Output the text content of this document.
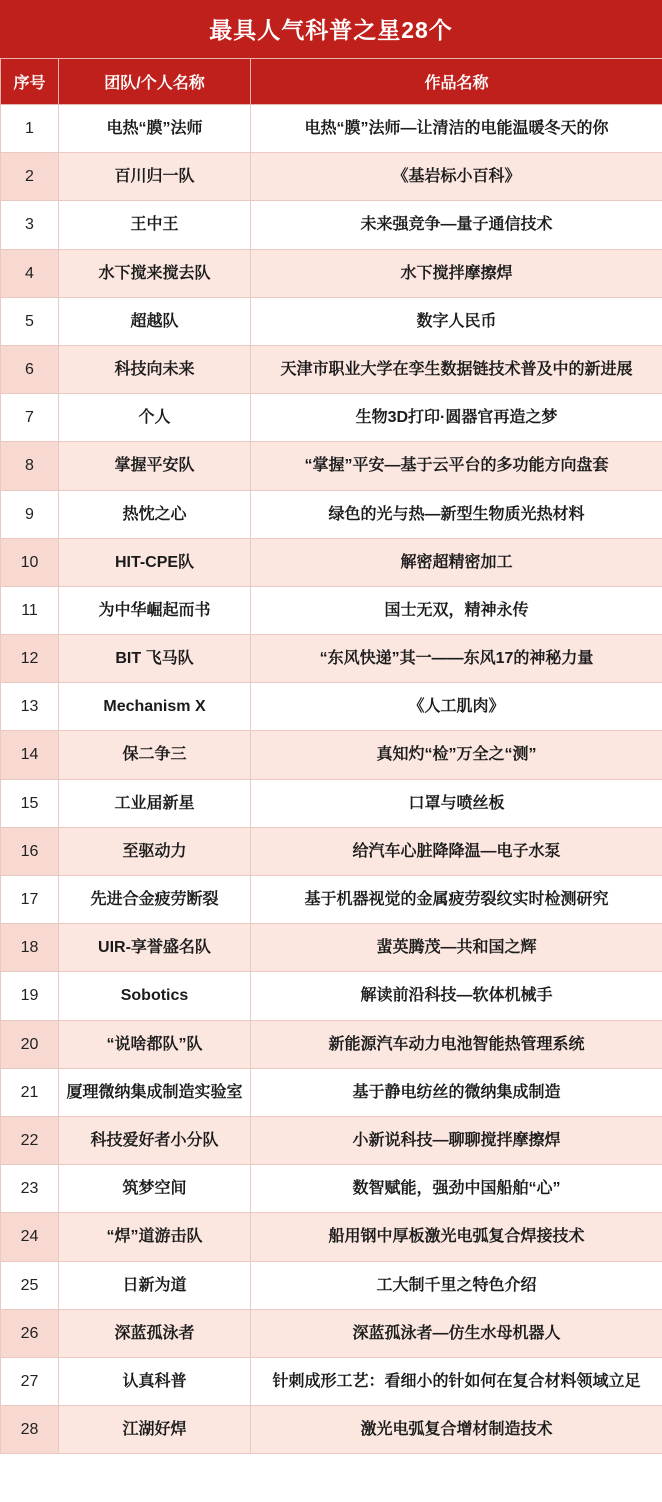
最具人气科普之星28个
序号	团队/个人名称	作品名称
1	电热“膜”法师	电热“膜”法师—让清洁的电能温暖冬天的你
2	百川归一队	《基岩标小百科》
3	王中王	未来强竞争—量子通信技术
4	水下搅来搅去队	水下搅拌摩擦焊
5	超越队	数字人民币
6	科技向未来	天津市职业大学在孪生数据链技术普及中的新进展
7	个人	生物3D打印·圆器官再造之梦
8	掌握平安队	“掌握”平安—基于云平台的多功能方向盘套
9	热忱之心	绿色的光与热—新型生物质光热材料
10	HIT-CPE队	解密超精密加工
11	为中华崛起而书	国士无双，精神永传
12	BIT 飞马队	“东风快递”其一——东风17的神秘力量
13	Mechanism X	《人工肌肉》
14	保二争三	真知灼“检”万全之“测”
15	工业届新星	口罩与喷丝板
16	至驱动力	给汽车心脏降降温—电子水泵
17	先进合金疲劳断裂	基于机器视觉的金属疲劳裂纹实时检测研究
18	UIR-享誉盛名队	蜚英腾茂—共和国之辉
19	Sobotics	解读前沿科技—软体机械手
20	“说啥都队”队	新能源汽车动力电池智能热管理系统
21	厦理微纳集成制造实验室	基于静电纺丝的微纳集成制造
22	科技爱好者小分队	小新说科技—聊聊搅拌摩擦焊
23	筑梦空间	数智赋能，强劲中国船舶“心”
24	“焊”道游击队	船用钢中厚板激光电弧复合焊接技术
25	日新为道	工大制千里之特色介绍
26	深蓝孤泳者	深蓝孤泳者—仿生水母机器人
27	认真科普	针刺成形工艺：看细小的针如何在复合材料领域立足
28	江湖好焊	激光电弧复合增材制造技术
